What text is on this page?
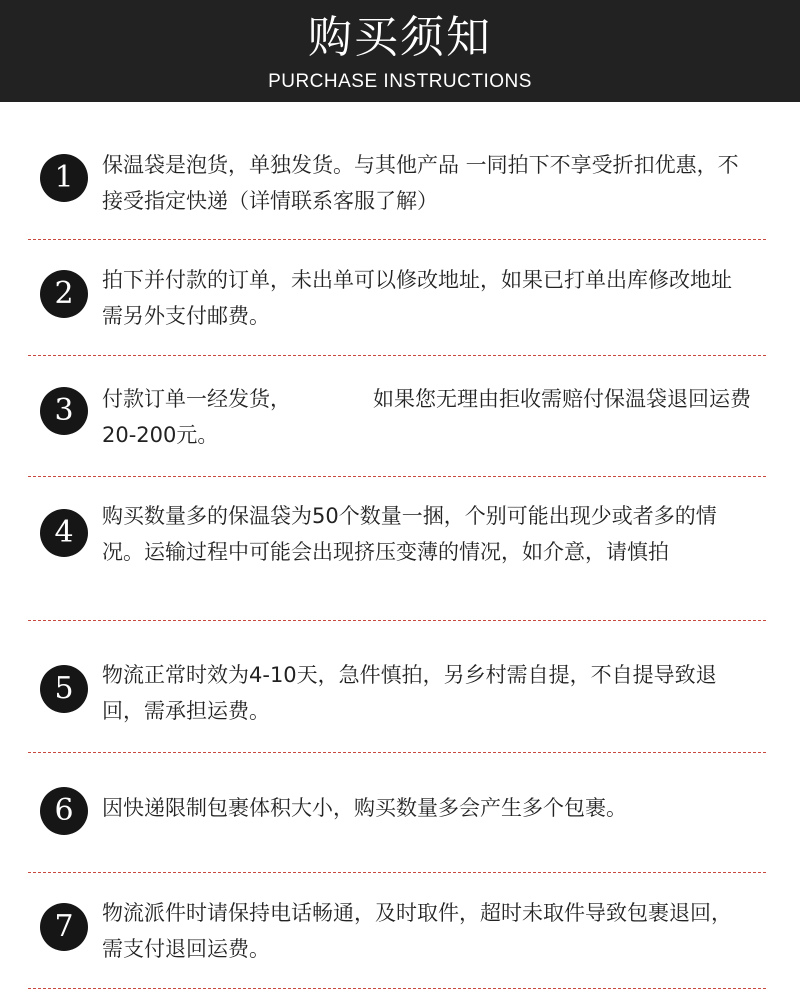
购买须知
PURCHASE INSTRUCTIONS
1	保温袋是泡货，单独发货。与其他产品 一同拍下不享受折扣优惠，不接受指定快递（详情联系客服了解）
2	拍下并付款的订单，未出单可以修改地址，如果已打单出库修改地址需另外支付邮费。
3	付款订单一经发货，	如果您无理由拒收需赔付保温袋退回运费20-200元。
4	购买数量多的保温袋为50个数量一捆，个别可能出现少或者多的情况。运输过程中可能会出现挤压变薄的情况，如介意，请慎拍
5	物流正常时效为4-10天，急件慎拍，另乡村需自提，不自提导致退回，需承担运费。
6	因快递限制包裹体积大小，购买数量多会产生多个包裹。
7	物流派件时请保持电话畅通，及时取件，超时未取件导致包裹退回，需支付退回运费。
